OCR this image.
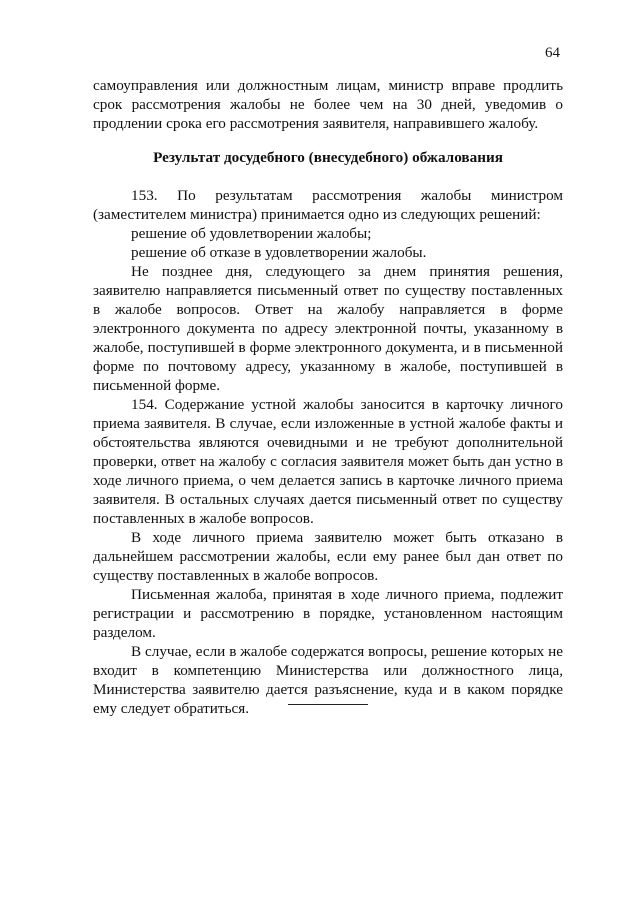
64

самоуправления или должностным лицам, министр вправе продлить срок рассмотрения жалобы не более чем на 30 дней, уведомив о продлении срока его рассмотрения заявителя, направившего жалобу.

Результат досудебного (внесудебного) обжалования

153. По результатам рассмотрения жалобы министром (заместителем министра) принимается одно из следующих решений:

решение об удовлетворении жалобы;

решение об отказе в удовлетворении жалобы.

Не позднее дня, следующего за днем принятия решения, заявителю направляется письменный ответ по существу поставленных в жалобе вопросов. Ответ на жалобу направляется в форме электронного документа по адресу электронной почты, указанному в жалобе, поступившей в форме электронного документа, и в письменной форме по почтовому адресу, указанному в жалобе, поступившей в письменной форме.

154. Содержание устной жалобы заносится в карточку личного приема заявителя. В случае, если изложенные в устной жалобе факты и обстоятельства являются очевидными и не требуют дополнительной проверки, ответ на жалобу с согласия заявителя может быть дан устно в ходе личного приема, о чем делается запись в карточке личного приема заявителя. В остальных случаях дается письменный ответ по существу поставленных в жалобе вопросов.

В ходе личного приема заявителю может быть отказано в дальнейшем рассмотрении жалобы, если ему ранее был дан ответ по существу поставленных в жалобе вопросов.

Письменная жалоба, принятая в ходе личного приема, подлежит регистрации и рассмотрению в порядке, установленном настоящим разделом.

В случае, если в жалобе содержатся вопросы, решение которых не входит в компетенцию Министерства или должностного лица, Министерства заявителю дается разъяснение, куда и в каком порядке ему следует обратиться.
